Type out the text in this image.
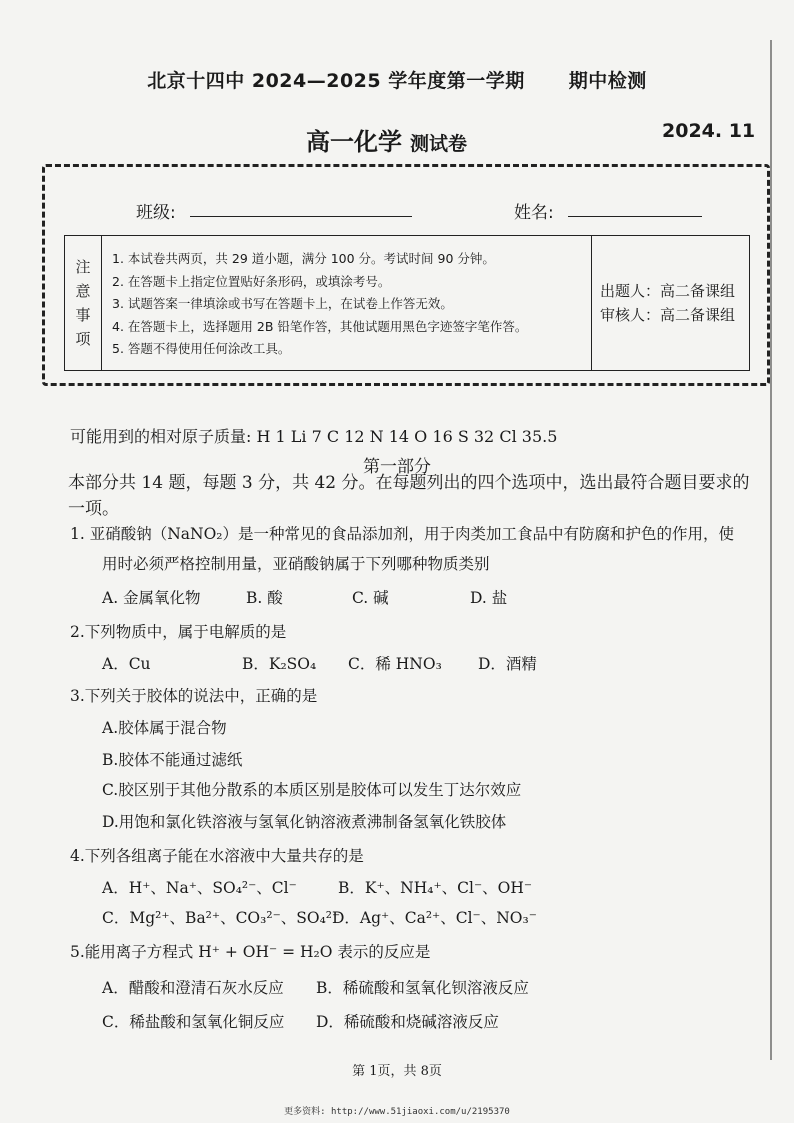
北京十四中 2024—2025 学年度第一学期 期中检测
高一化学 测试卷
2024. 11
班级:	姓名:
注
意
事
项
1. 本试卷共两页，共 29 道小题，满分 100 分。考试时间 90 分钟。
2. 在答题卡上指定位置贴好条形码，或填涂考号。
3. 试题答案一律填涂或书写在答题卡上，在试卷上作答无效。
4. 在答题卡上，选择题用 2B 铅笔作答，其他试题用黑色字迹签字笔作答。
5. 答题不得使用任何涂改工具。
出题人：高二备课组
审核人：高二备课组
可能用到的相对原子质量: H 1 Li 7 C 12 N 14 O 16 S 32 Cl 35.5
第一部分
本部分共 14 题，每题 3 分，共 42 分。在每题列出的四个选项中，选出最符合题目要求的一项。
1. 亚硝酸钠（NaNO₂）是一种常见的食品添加剂，用于肉类加工食品中有防腐和护色的作用，使
用时必须严格控制用量，亚硝酸钠属于下列哪种物质类别
A. 金属氧化物	B. 酸	C. 碱	D. 盐
2.下列物质中，属于电解质的是
A．Cu	B．K₂SO₄ C．稀 HNO₃ D．酒精
3.下列关于胶体的说法中，正确的是
A.胶体属于混合物
B.胶体不能通过滤纸
C.胶区别于其他分散系的本质区别是胶体可以发生丁达尔效应
D.用饱和氯化铁溶液与氢氧化钠溶液煮沸制备氢氧化铁胶体
4.下列各组离子能在水溶液中大量共存的是
A．H⁺、Na⁺、SO₄²⁻、Cl⁻	B．K⁺、NH₄⁺、Cl⁻、OH⁻
C．Mg²⁺、Ba²⁺、CO₃²⁻、SO₄²⁻
D．Ag⁺、Ca²⁺、Cl⁻、NO₃⁻
5.能用离子方程式 H⁺ + OH⁻ = H₂O 表示的反应是
A．醋酸和澄清石灰水反应 B．稀硫酸和氢氧化钡溶液反应
C．稀盐酸和氢氧化铜反应 D．稀硫酸和烧碱溶液反应
第 1页，共 8页
更多资料: http://www.51jiaoxi.com/u/2195370
